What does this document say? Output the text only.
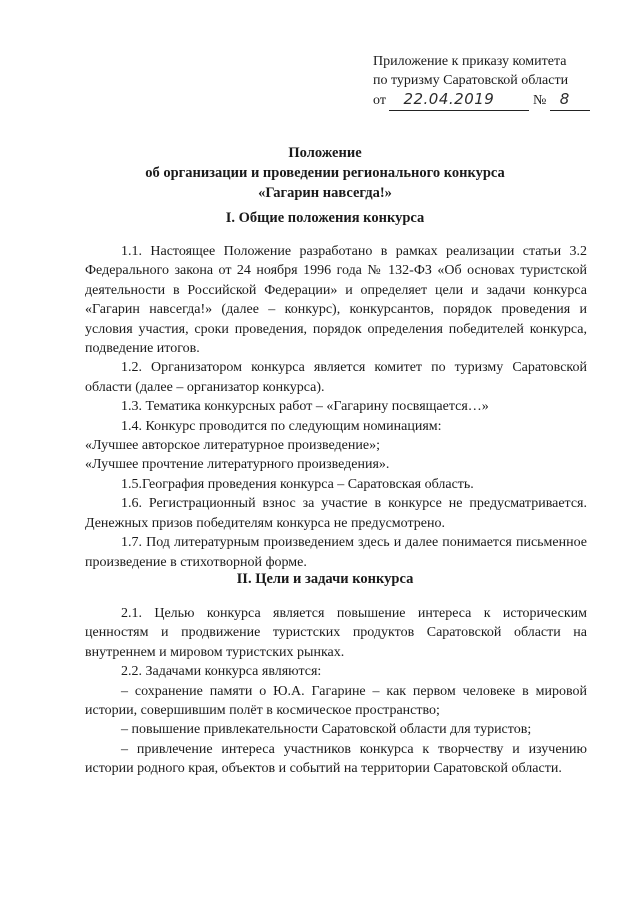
Приложение к приказу комитета
по туризму Саратовской области
от 22.04.2019	№ 8
Положение
об организации и проведении регионального конкурса
«Гагарин навсегда!»
I. Общие положения конкурса

1.1. Настоящее Положение разработано в рамках реализации статьи 3.2 Федерального закона от 24 ноября 1996 года № 132-ФЗ «Об основах туристской деятельности в Российской Федерации» и определяет цели и задачи конкурса «Гагарин навсегда!» (далее – конкурс), конкурсантов, порядок проведения и условия участия, сроки проведения, порядок определения победителей конкурса, подведение итогов.

1.2. Организатором конкурса является комитет по туризму Саратовской области (далее – организатор конкурса).

1.3. Тематика конкурсных работ – «Гагарину посвящается…»

1.4. Конкурс проводится по следующим номинациям:

«Лучшее авторское литературное произведение»;

«Лучшее прочтение литературного произведения».

1.5.География проведения конкурса – Саратовская область.

1.6. Регистрационный взнос за участие в конкурсе не предусматривается. Денежных призов победителям конкурса не предусмотрено.

1.7. Под литературным произведением здесь и далее понимается письменное произведение в стихотворной форме.

II. Цели и задачи конкурса

2.1. Целью конкурса является повышение интереса к историческим ценностям и продвижение туристских продуктов Саратовской области на внутреннем и мировом туристских рынках.

2.2. Задачами конкурса являются:

– сохранение памяти о Ю.А. Гагарине – как первом человеке в мировой истории, совершившим полёт в космическое пространство;

– повышение привлекательности Саратовской области для туристов;

– привлечение интереса участников конкурса к творчеству и изучению истории родного края, объектов и событий на территории Саратовской области.
